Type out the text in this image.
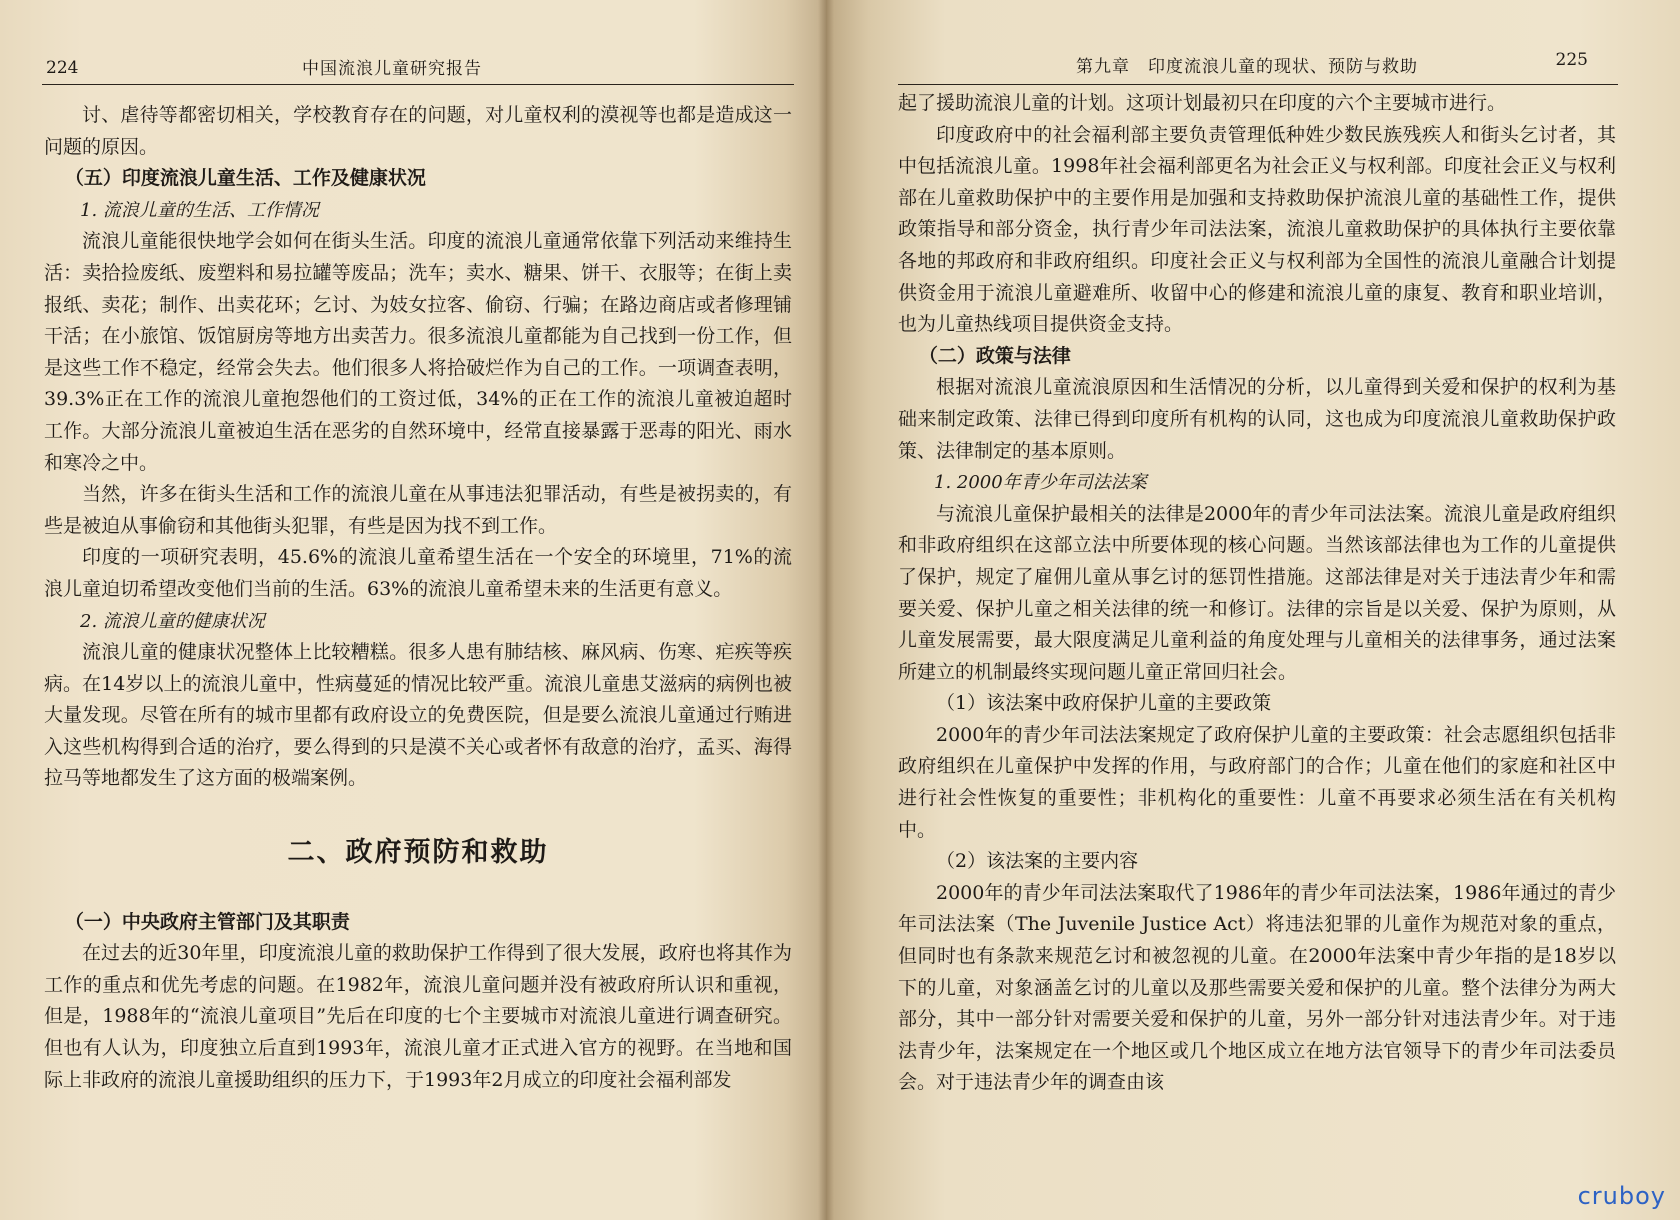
224	中国流浪儿童研究报告

讨、虐待等都密切相关，学校教育存在的问题，对儿童权利的漠视等也都是造成这一问题的原因。

（五）印度流浪儿童生活、工作及健康状况
1. 流浪儿童的生活、工作情况

流浪儿童能很快地学会如何在街头生活。印度的流浪儿童通常依靠下列活动来维持生活：卖拾捡废纸、废塑料和易拉罐等废品；洗车；卖水、糖果、饼干、衣服等；在街上卖报纸、卖花；制作、出卖花环；乞讨、为妓女拉客、偷窃、行骗；在路边商店或者修理铺干活；在小旅馆、饭馆厨房等地方出卖苦力。很多流浪儿童都能为自己找到一份工作，但是这些工作不稳定，经常会失去。他们很多人将拾破烂作为自己的工作。一项调查表明，39.3%正在工作的流浪儿童抱怨他们的工资过低，34%的正在工作的流浪儿童被迫超时工作。大部分流浪儿童被迫生活在恶劣的自然环境中，经常直接暴露于恶毒的阳光、雨水和寒冷之中。

当然，许多在街头生活和工作的流浪儿童在从事违法犯罪活动，有些是被拐卖的，有些是被迫从事偷窃和其他街头犯罪，有些是因为找不到工作。

印度的一项研究表明，45.6%的流浪儿童希望生活在一个安全的环境里，71%的流浪儿童迫切希望改变他们当前的生活。63%的流浪儿童希望未来的生活更有意义。

2. 流浪儿童的健康状况

流浪儿童的健康状况整体上比较糟糕。很多人患有肺结核、麻风病、伤寒、疟疾等疾病。在14岁以上的流浪儿童中，性病蔓延的情况比较严重。流浪儿童患艾滋病的病例也被大量发现。尽管在所有的城市里都有政府设立的免费医院，但是要么流浪儿童通过行贿进入这些机构得到合适的治疗，要么得到的只是漠不关心或者怀有敌意的治疗，孟买、海得拉马等地都发生了这方面的极端案例。

二、政府预防和救助
（一）中央政府主管部门及其职责

在过去的近30年里，印度流浪儿童的救助保护工作得到了很大发展，政府也将其作为工作的重点和优先考虑的问题。在1982年，流浪儿童问题并没有被政府所认识和重视，但是，1988年的“流浪儿童项目”先后在印度的七个主要城市对流浪儿童进行调查研究。但也有人认为，印度独立后直到1993年，流浪儿童才正式进入官方的视野。在当地和国际上非政府的流浪儿童援助组织的压力下，于1993年2月成立的印度社会福利部发

第九章　印度流浪儿童的现状、预防与救助	225

起了援助流浪儿童的计划。这项计划最初只在印度的六个主要城市进行。

印度政府中的社会福利部主要负责管理低种姓少数民族残疾人和街头乞讨者，其中包括流浪儿童。1998年社会福利部更名为社会正义与权利部。印度社会正义与权利部在儿童救助保护中的主要作用是加强和支持救助保护流浪儿童的基础性工作，提供政策指导和部分资金，执行青少年司法法案，流浪儿童救助保护的具体执行主要依靠各地的邦政府和非政府组织。印度社会正义与权利部为全国性的流浪儿童融合计划提供资金用于流浪儿童避难所、收留中心的修建和流浪儿童的康复、教育和职业培训，也为儿童热线项目提供资金支持。

（二）政策与法律

根据对流浪儿童流浪原因和生活情况的分析，以儿童得到关爱和保护的权利为基础来制定政策、法律已得到印度所有机构的认同，这也成为印度流浪儿童救助保护政策、法律制定的基本原则。

1. 2000年青少年司法法案

与流浪儿童保护最相关的法律是2000年的青少年司法法案。流浪儿童是政府组织和非政府组织在这部立法中所要体现的核心问题。当然该部法律也为工作的儿童提供了保护，规定了雇佣儿童从事乞讨的惩罚性措施。这部法律是对关于违法青少年和需要关爱、保护儿童之相关法律的统一和修订。法律的宗旨是以关爱、保护为原则，从儿童发展需要，最大限度满足儿童利益的角度处理与儿童相关的法律事务，通过法案所建立的机制最终实现问题儿童正常回归社会。

（1）该法案中政府保护儿童的主要政策

2000年的青少年司法法案规定了政府保护儿童的主要政策：社会志愿组织包括非政府组织在儿童保护中发挥的作用，与政府部门的合作；儿童在他们的家庭和社区中进行社会性恢复的重要性；非机构化的重要性：儿童不再要求必须生活在有关机构中。

（2）该法案的主要内容

2000年的青少年司法法案取代了1986年的青少年司法法案，1986年通过的青少年司法法案（The Juvenile Justice Act）将违法犯罪的儿童作为规范对象的重点，但同时也有条款来规范乞讨和被忽视的儿童。在2000年法案中青少年指的是18岁以下的儿童，对象涵盖乞讨的儿童以及那些需要关爱和保护的儿童。整个法律分为两大部分，其中一部分针对需要关爱和保护的儿童，另外一部分针对违法青少年。对于违法青少年，法案规定在一个地区或几个地区成立在地方法官领导下的青少年司法委员会。对于违法青少年的调查由该

cruboy
